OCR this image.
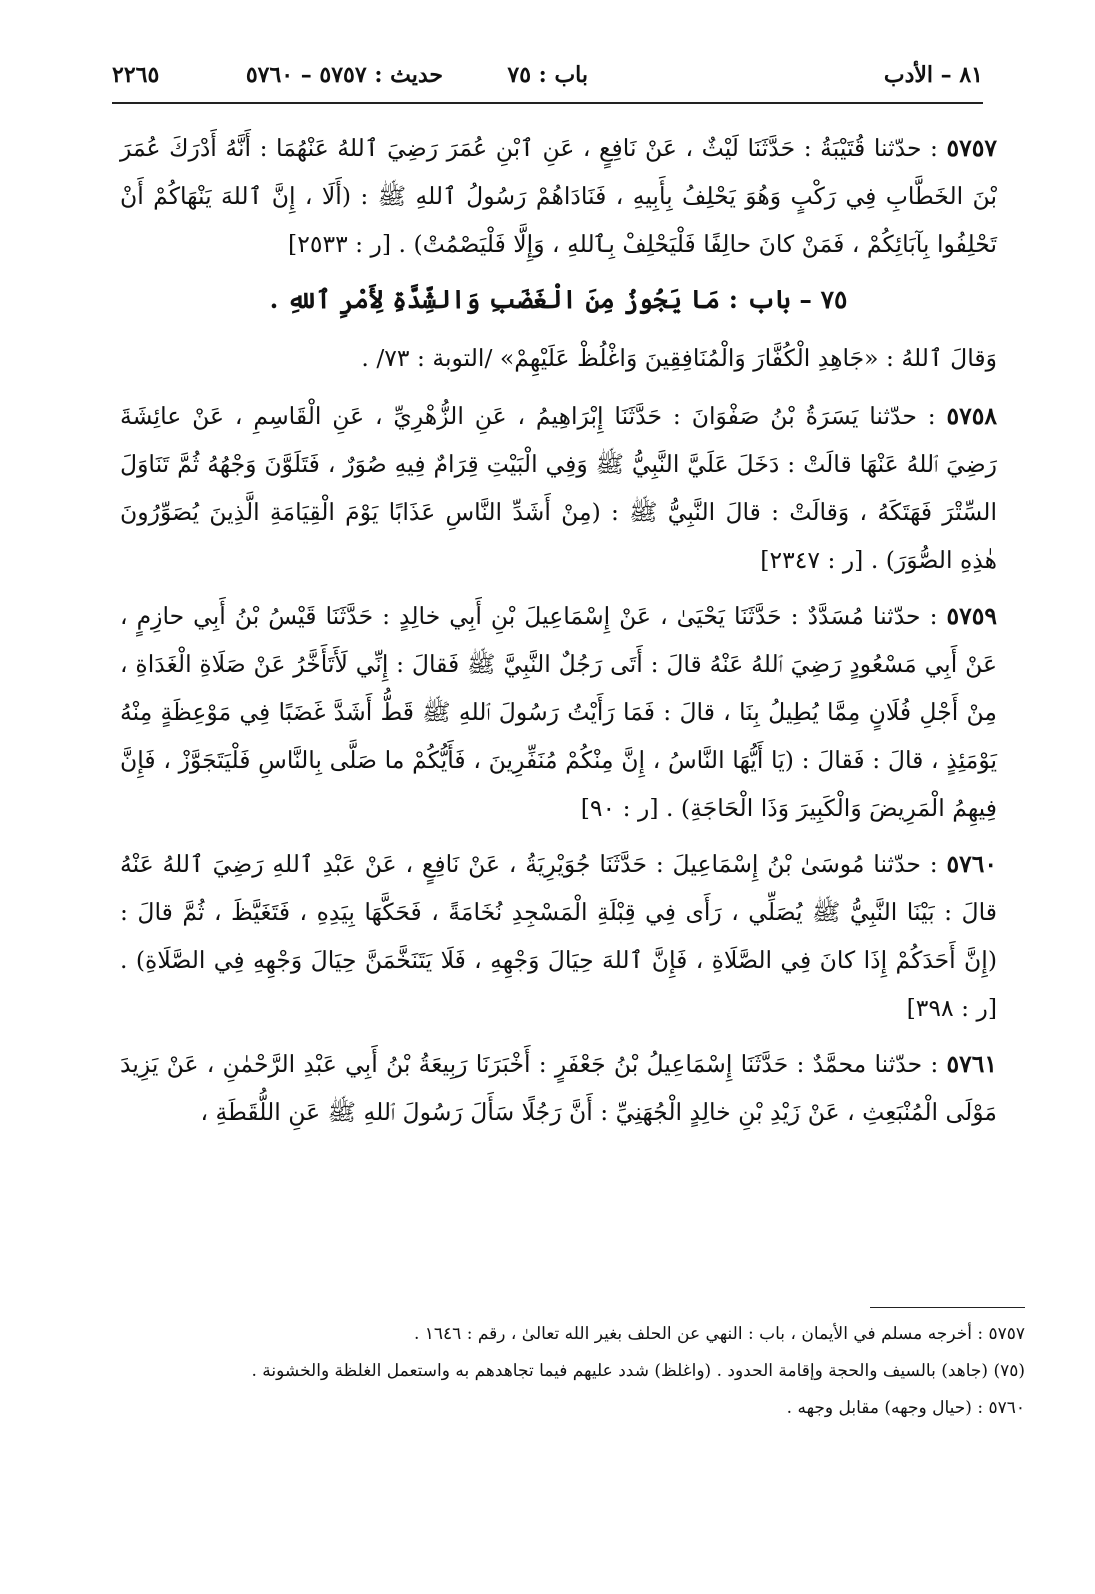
٨١ – الأدب
باب : ٧٥
حديث : ٥٧٥٧ – ٥٧٦٠
٢٢٦٥

٥٧٥٧ : حدّثنا قُتَيْبَةُ : حَدَّثَنَا لَيْثٌ ، عَنْ نَافِعٍ ، عَنِ ٱبْنِ عُمَرَ رَضِيَ ٱللهُ عَنْهُمَا : أَنَّهُ أَدْرَكَ عُمَرَ بْنَ الخَطَّابِ فِي رَكْبٍ وَهُوَ يَحْلِفُ بِأَبِيهِ ، فَنَادَاهُمْ رَسُولُ ٱللهِ ﷺ : (أَلَا ، إِنَّ ٱللهَ يَنْهَاكُمْ أَنْ تَحْلِفُوا بِآبَائِكُمْ ، فَمَنْ كانَ حالِفًا فَلْيَحْلِفْ بِٱللهِ ، وَإِلَّا فَلْيَصْمُتْ) . [ر : ٢٥٣٣]

٧٥ – باب : مَا يَجُوزُ مِنَ الْغَضَبِ وَالشِّدَّةِ لِأَمْرِ ٱللهِ .

وَقالَ ٱللهُ : «جَاهِدِ الْكُفَّارَ وَالْمُنَافِقِينَ وَاغْلُظْ عَلَيْهِمْ» /التوبة : ٧٣/ .

٥٧٥٨ : حدّثنا يَسَرَةُ بْنُ صَفْوَانَ : حَدَّثَنَا إِبْرَاهِيمُ ، عَنِ الزُّهْرِيِّ ، عَنِ الْقَاسِمِ ، عَنْ عائِشَةَ رَضِيَ ٱللهُ عَنْهَا قالَتْ : دَخَلَ عَلَيَّ النَّبِيُّ ﷺ وَفِي الْبَيْتِ قِرَامٌ فِيهِ صُوَرٌ ، فَتَلَوَّنَ وَجْهُهُ ثُمَّ تَنَاوَلَ السِّتْرَ فَهَتَكَهُ ، وَقالَتْ : قالَ النَّبِيُّ ﷺ : (مِنْ أَشَدِّ النَّاسِ عَذَابًا يَوْمَ الْقِيَامَةِ الَّذِينَ يُصَوِّرُونَ هٰذِهِ الصُّوَرَ) . [ر : ٢٣٤٧]

٥٧٥٩ : حدّثنا مُسَدَّدٌ : حَدَّثَنَا يَحْيَىٰ ، عَنْ إِسْمَاعِيلَ بْنِ أَبِي خالِدٍ : حَدَّثَنَا قَيْسُ بْنُ أَبِي حازِمٍ ، عَنْ أَبِي مَسْعُودٍ رَضِيَ ٱللهُ عَنْهُ قالَ : أَتَى رَجُلٌ النَّبِيَّ ﷺ فَقالَ : إِنِّي لَأَتَأَخَّرُ عَنْ صَلَاةِ الْغَدَاةِ ، مِنْ أَجْلِ فُلَانٍ مِمَّا يُطِيلُ بِنَا ، قالَ : فَمَا رَأَيْتُ رَسُولَ ٱللهِ ﷺ قَطُّ أَشَدَّ غَضَبًا فِي مَوْعِظَةٍ مِنْهُ يَوْمَئِذٍ ، قالَ : فَقالَ : (يَا أَيُّهَا النَّاسُ ، إِنَّ مِنْكُمْ مُنَفِّرِينَ ، فَأَيُّكُمْ ما صَلَّى بِالنَّاسِ فَلْيَتَجَوَّزْ ، فَإِنَّ فِيهِمُ الْمَرِيضَ وَالْكَبِيرَ وَذَا الْحَاجَةِ) . [ر : ٩٠]

٥٧٦٠ : حدّثنا مُوسَىٰ بْنُ إِسْمَاعِيلَ : حَدَّثَنَا جُوَيْرِيَةُ ، عَنْ نَافِعٍ ، عَنْ عَبْدِ ٱللهِ رَضِيَ ٱللهُ عَنْهُ قالَ : بَيْنَا النَّبِيُّ ﷺ يُصَلِّي ، رَأَى فِي قِبْلَةِ الْمَسْجِدِ نُخَامَةً ، فَحَكَّهَا بِيَدِهِ ، فَتَغَيَّظَ ، ثُمَّ قالَ : (إِنَّ أَحَدَكُمْ إِذَا كانَ فِي الصَّلَاةِ ، فَإِنَّ ٱللهَ حِيَالَ وَجْهِهِ ، فَلَا يَتَنَخَّمَنَّ حِيَالَ وَجْهِهِ فِي الصَّلَاةِ) . [ر : ٣٩٨]

٥٧٦١ : حدّثنا محمَّدٌ : حَدَّثَنَا إِسْمَاعِيلُ بْنُ جَعْفَرٍ : أَخْبَرَنَا رَبِيعَةُ بْنُ أَبِي عَبْدِ الرَّحْمٰنِ ، عَنْ يَزِيدَ مَوْلَى الْمُنْبَعِثِ ، عَنْ زَيْدِ بْنِ خالِدٍ الْجُهَنِيِّ : أَنَّ رَجُلًا سَأَلَ رَسُولَ ٱللهِ ﷺ عَنِ اللُّقَطَةِ ،

٥٧٥٧ : أخرجه مسلم في الأيمان ، باب : النهي عن الحلف بغير الله تعالىٰ ، رقم : ١٦٤٦ .

(٧٥) (جاهد) بالسيف والحجة وإقامة الحدود . (واغلظ) شدد عليهم فيما تجاهدهم به واستعمل الغلظة والخشونة .

٥٧٦٠ : (حيال وجهه) مقابل وجهه .
